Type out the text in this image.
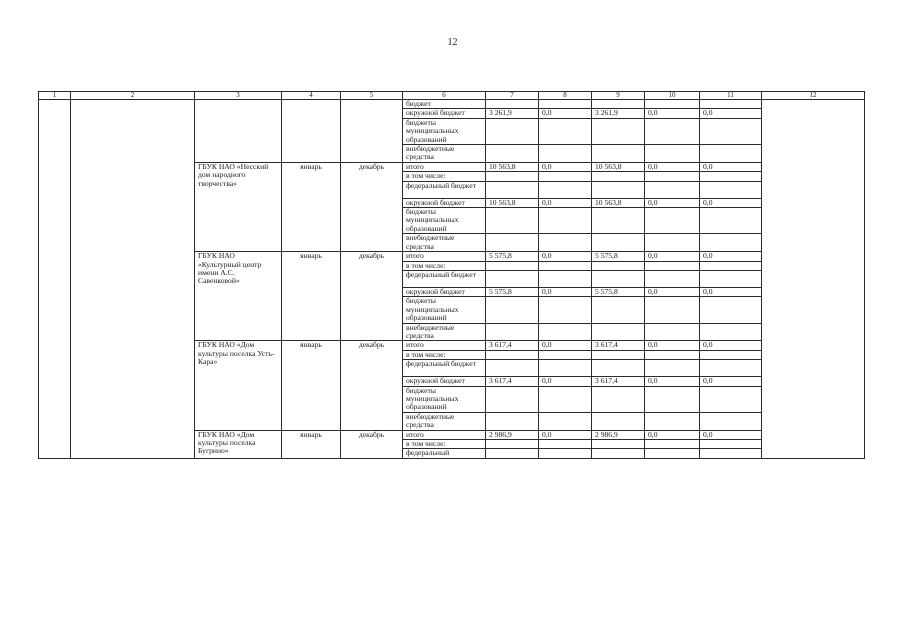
12
1	2	3	4	5	6	7	8	9	10	11	12
					бюджет						
					окружной бюджет	3 261,9	0,0	3 261,9	0,0	0,0	
					бюджеты муниципальных образований						
					внебюджетные средства						
		ГБУК НАО «Несский дом народного творчества»	январь	декабрь	итого	10 563,8	0,0	10 563,8	0,0	0,0	
					в том числе:						
					федеральный бюджет						
					окружной бюджет	10 563,8	0,0	10 563,8	0,0	0,0	
					бюджеты муниципальных образований						
					внебюджетные средства						
		ГБУК НАО «Культурный центр имени А.С. Савенковой»	январь	декабрь	итого	5 575,8	0,0	5 575,8	0,0	0,0	
					в том числе:						
					федеральный бюджет						
					окружной бюджет	5 575,8	0,0	5 575,8	0,0	0,0	
					бюджеты муниципальных образований						
					внебюджетные средства						
		ГБУК НАО «Дом культуры поселка Усть-Кара»	январь	декабрь	итого	3 617,4	0,0	3 617,4	0,0	0,0	
					в том числе:						
					федеральный бюджет						
					окружной бюджет	3 617,4	0,0	3 617,4	0,0	0,0	
					бюджеты муниципальных образований						
					внебюджетные средства						
		ГБУК НАО «Дом культуры поселка Бугрино»	январь	декабрь	итого	2 986,9	0,0	2 986,9	0,0	0,0	
					в том числе:						
					федеральный						
